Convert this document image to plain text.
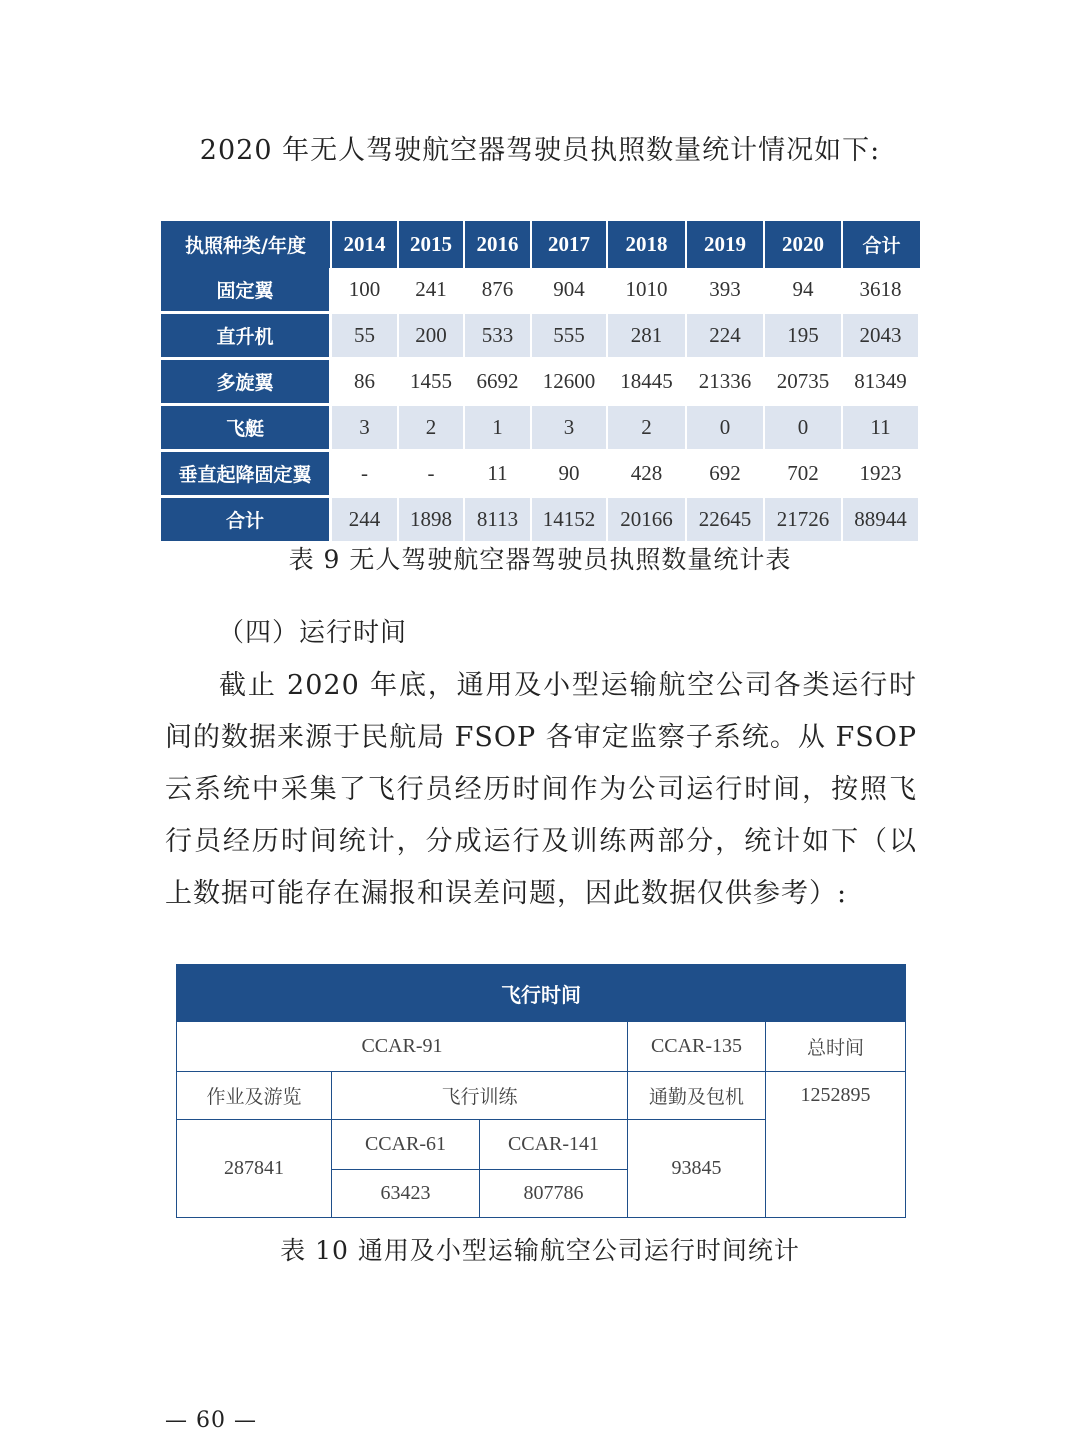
2020 年无人驾驶航空器驾驶员执照数量统计情况如下:
执照种类/年度	2014	2015	2016	2017	2018	2019	2020	合计
固定翼	100	241	876	904	1010	393	94	3618
直升机	55	200	533	555	281	224	195	2043
多旋翼	86	1455	6692	12600	18445	21336	20735	81349
飞艇	3	2	1	3	2	0	0	11
垂直起降固定翼	-	-	11	90	428	692	702	1923
合计	244	1898	8113	14152	20166	22645	21726	88944
表 9 无人驾驶航空器驾驶员执照数量统计表
（四）运行时间
截止 2020 年底，通用及小型运输航空公司各类运行时间的数据来源于民航局 FSOP 各审定监察子系统。从 FSOP 云系统中采集了飞行员经历时间作为公司运行时间，按照飞行员经历时间统计，分成运行及训练两部分，统计如下（以上数据可能存在漏报和误差问题，因此数据仅供参考）:
飞行时间				
CCAR-91			CCAR-135	总时间
作业及游览	飞行训练		通勤及包机	1252895
287841	CCAR-61	CCAR-141	93845	
	63423	807786		
表 10 通用及小型运输航空公司运行时间统计
— 60 —
